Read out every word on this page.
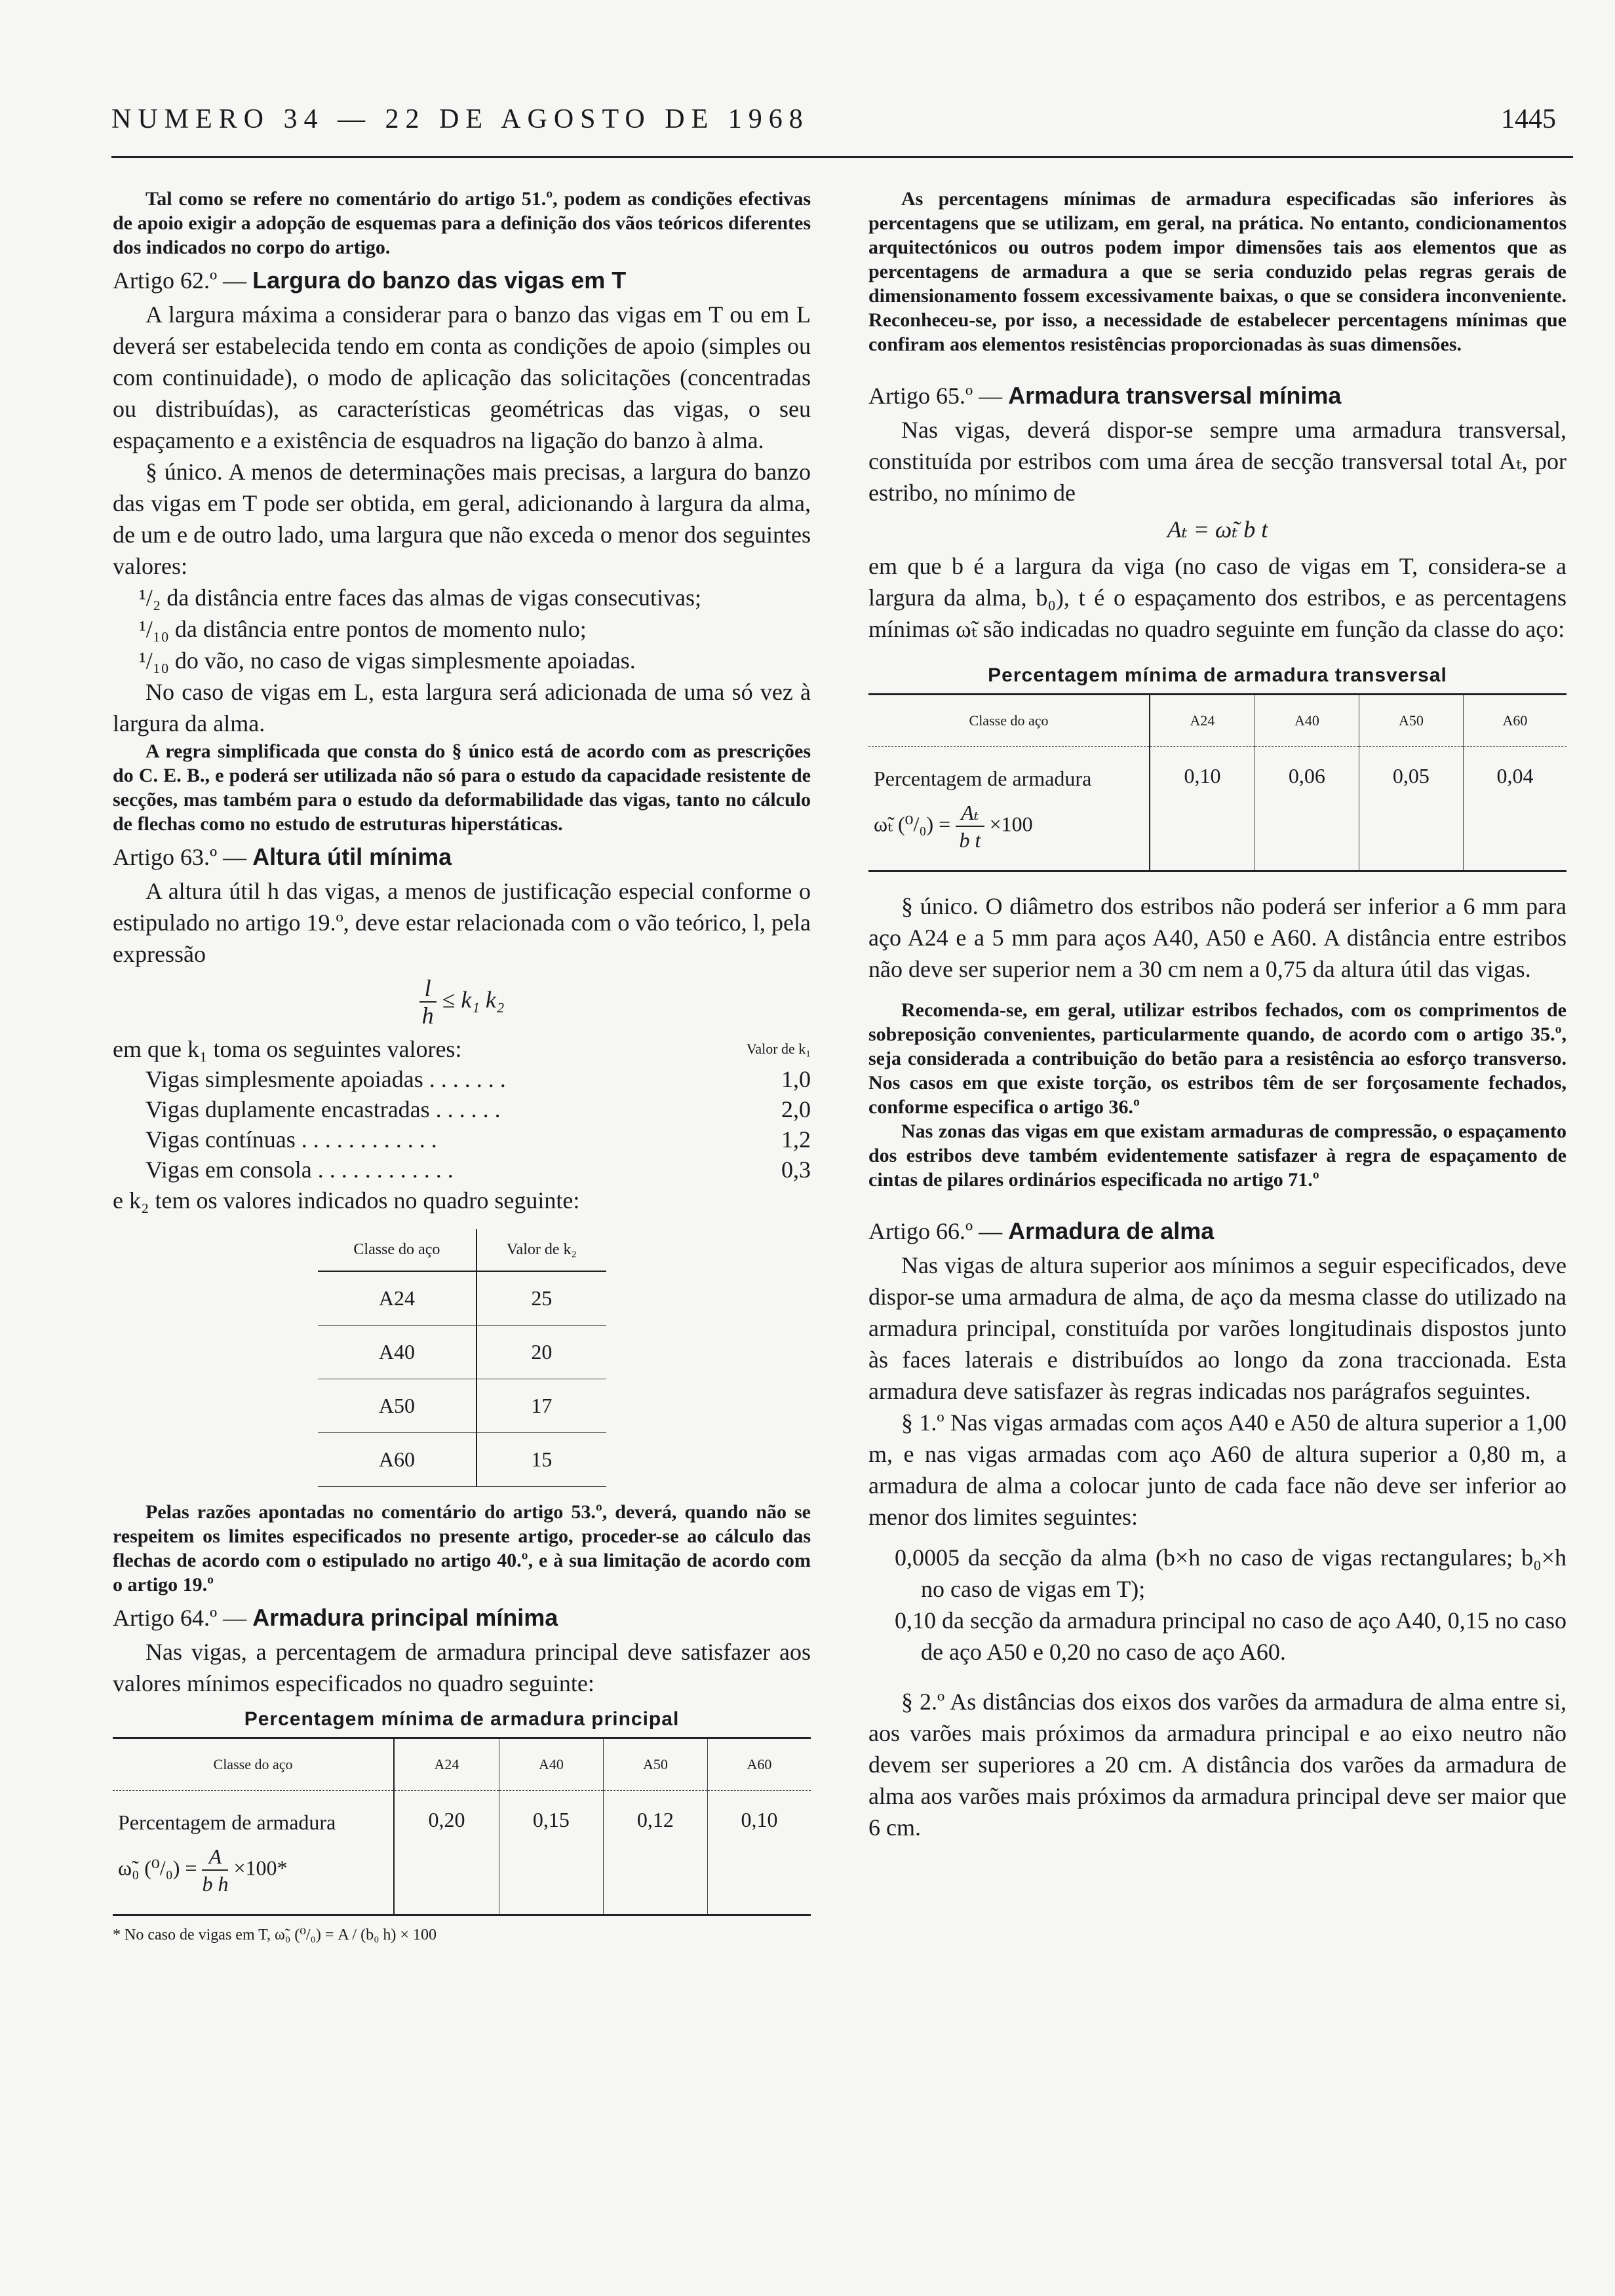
NUMERO 34 — 22 DE AGOSTO DE 1968	1445

Tal como se refere no comentário do artigo 51.º, podem as condições efectivas de apoio exigir a adopção de esquemas para a definição dos vãos teóricos diferentes dos indicados no corpo do artigo.

Artigo 62.º — Largura do banzo das vigas em T

A largura máxima a considerar para o banzo das vigas em T ou em L deverá ser estabelecida tendo em conta as condições de apoio (simples ou com continuidade), o modo de aplicação das solicitações (concentradas ou distribuídas), as características geométricas das vigas, o seu espaçamento e a existência de esquadros na ligação do banzo à alma.

§ único. A menos de determinações mais precisas, a largura do banzo das vigas em T pode ser obtida, em geral, adicionando à largura da alma, de um e de outro lado, uma largura que não exceda o menor dos seguintes valores:

¹/₂ da distância entre faces das almas de vigas consecutivas;
¹/₁₀ da distância entre pontos de momento nulo;
¹/₁₀ do vão, no caso de vigas simplesmente apoiadas.

No caso de vigas em L, esta largura será adicionada de uma só vez à largura da alma.

A regra simplificada que consta do § único está de acordo com as prescrições do C. E. B., e poderá ser utilizada não só para o estudo da capacidade resistente de secções, mas também para o estudo da deformabilidade das vigas, tanto no cálculo de flechas como no estudo de estruturas hiperstáticas.

Artigo 63.º — Altura útil mínima

A altura útil h das vigas, a menos de justificação especial conforme o estipulado no artigo 19.º, deve estar relacionada com o vão teórico, l, pela expressão

$\frac{l}{h} \le k_1$ k₂
em que k₁ toma os seguintes valores:	Valor de k₁
Vigas simplesmente apoiadas . . . . . . .	1,0
Vigas duplamente encastradas . . . . . .	2,0
Vigas contínuas . . . . . . . . . . . .	1,2
Vigas em consola . . . . . . . . . . . .	0,3

e k₂ tem os valores indicados no quadro seguinte:

Classe do aço	Valor de k₂
A24	25
A40	20
A50	17
A60	15

Pelas razões apontadas no comentário do artigo 53.º, deverá, quando não se respeitem os limites especificados no presente artigo, proceder-se ao cálculo das flechas de acordo com o estipulado no artigo 40.º, e à sua limitação de acordo com o artigo 19.º

Artigo 64.º — Armadura principal mínima

Nas vigas, a percentagem de armadura principal deve satisfazer aos valores mínimos especificados no quadro seguinte:

Percentagem mínima de armadura principal
Classe do aço	A24	A40	A50	A60

Percentagem de armadura
ω̃₀ $(^0/_0) = \frac{A}{\text{b h}} \times 100*$	0,20	0,15	0,12	0,10
* No caso de vigas em T, ω̃₀ (⁰/₀) = A / (b₀ h) × 100

As percentagens mínimas de armadura especificadas são inferiores às percentagens que se utilizam, em geral, na prática. No entanto, condicionamentos arquitectónicos ou outros podem impor dimensões tais aos elementos que as percentagens de armadura a que se seria conduzido pelas regras gerais de dimensionamento fossem excessivamente baixas, o que se considera inconveniente. Reconheceu-se, por isso, a necessidade de estabelecer percentagens mínimas que confiram aos elementos resistências proporcionadas às suas dimensões.

Artigo 65.º — Armadura transversal mínima

Nas vigas, deverá dispor-se sempre uma armadura transversal, constituída por estribos com uma área de secção transversal total Aₜ, por estribo, no mínimo de

Aₜ = ω̃ₜ b t

em que b é a largura da viga (no caso de vigas em T, considera-se a largura da alma, b₀), t é o espaçamento dos estribos, e as percentagens mínimas ω̃ₜ são indicadas no quadro seguinte em função da classe do aço:

Percentagem mínima de armadura transversal
Classe do aço	A24	A40	A50	A60

Percentagem de armadura
ω̃ₜ $(^0/_0) = \frac{\text{Aₜ}}{\text{b t}} \times 100$	0,10	0,06	0,05	0,04

§ único. O diâmetro dos estribos não poderá ser inferior a 6 mm para aço A24 e a 5 mm para aços A40, A50 e A60. A distância entre estribos não deve ser superior nem a 30 cm nem a 0,75 da altura útil das vigas.

Recomenda-se, em geral, utilizar estribos fechados, com os comprimentos de sobreposição convenientes, particularmente quando, de acordo com o artigo 35.º, seja considerada a contribuição do betão para a resistência ao esforço transverso. Nos casos em que existe torção, os estribos têm de ser forçosamente fechados, conforme especifica o artigo 36.º

Nas zonas das vigas em que existam armaduras de compressão, o espaçamento dos estribos deve também evidentemente satisfazer à regra de espaçamento de cintas de pilares ordinários especificada no artigo 71.º

Artigo 66.º — Armadura de alma

Nas vigas de altura superior aos mínimos a seguir especificados, deve dispor-se uma armadura de alma, de aço da mesma classe do utilizado na armadura principal, constituída por varões longitudinais dispostos junto às faces laterais e distribuídos ao longo da zona traccionada. Esta armadura deve satisfazer às regras indicadas nos parágrafos seguintes.

§ 1.º Nas vigas armadas com aços A40 e A50 de altura superior a 1,00 m, e nas vigas armadas com aço A60 de altura superior a 0,80 m, a armadura de alma a colocar junto de cada face não deve ser inferior ao menor dos limites seguintes:

0,0005 da secção da alma (b×h no caso de vigas rectangulares; b₀×h no caso de vigas em T);
0,10 da secção da armadura principal no caso de aço A40, 0,15 no caso de aço A50 e 0,20 no caso de aço A60.

§ 2.º As distâncias dos eixos dos varões da armadura de alma entre si, aos varões mais próximos da armadura principal e ao eixo neutro não devem ser superiores a 20 cm. A distância dos varões da armadura de alma aos varões mais próximos da armadura principal deve ser maior que 6 cm.
